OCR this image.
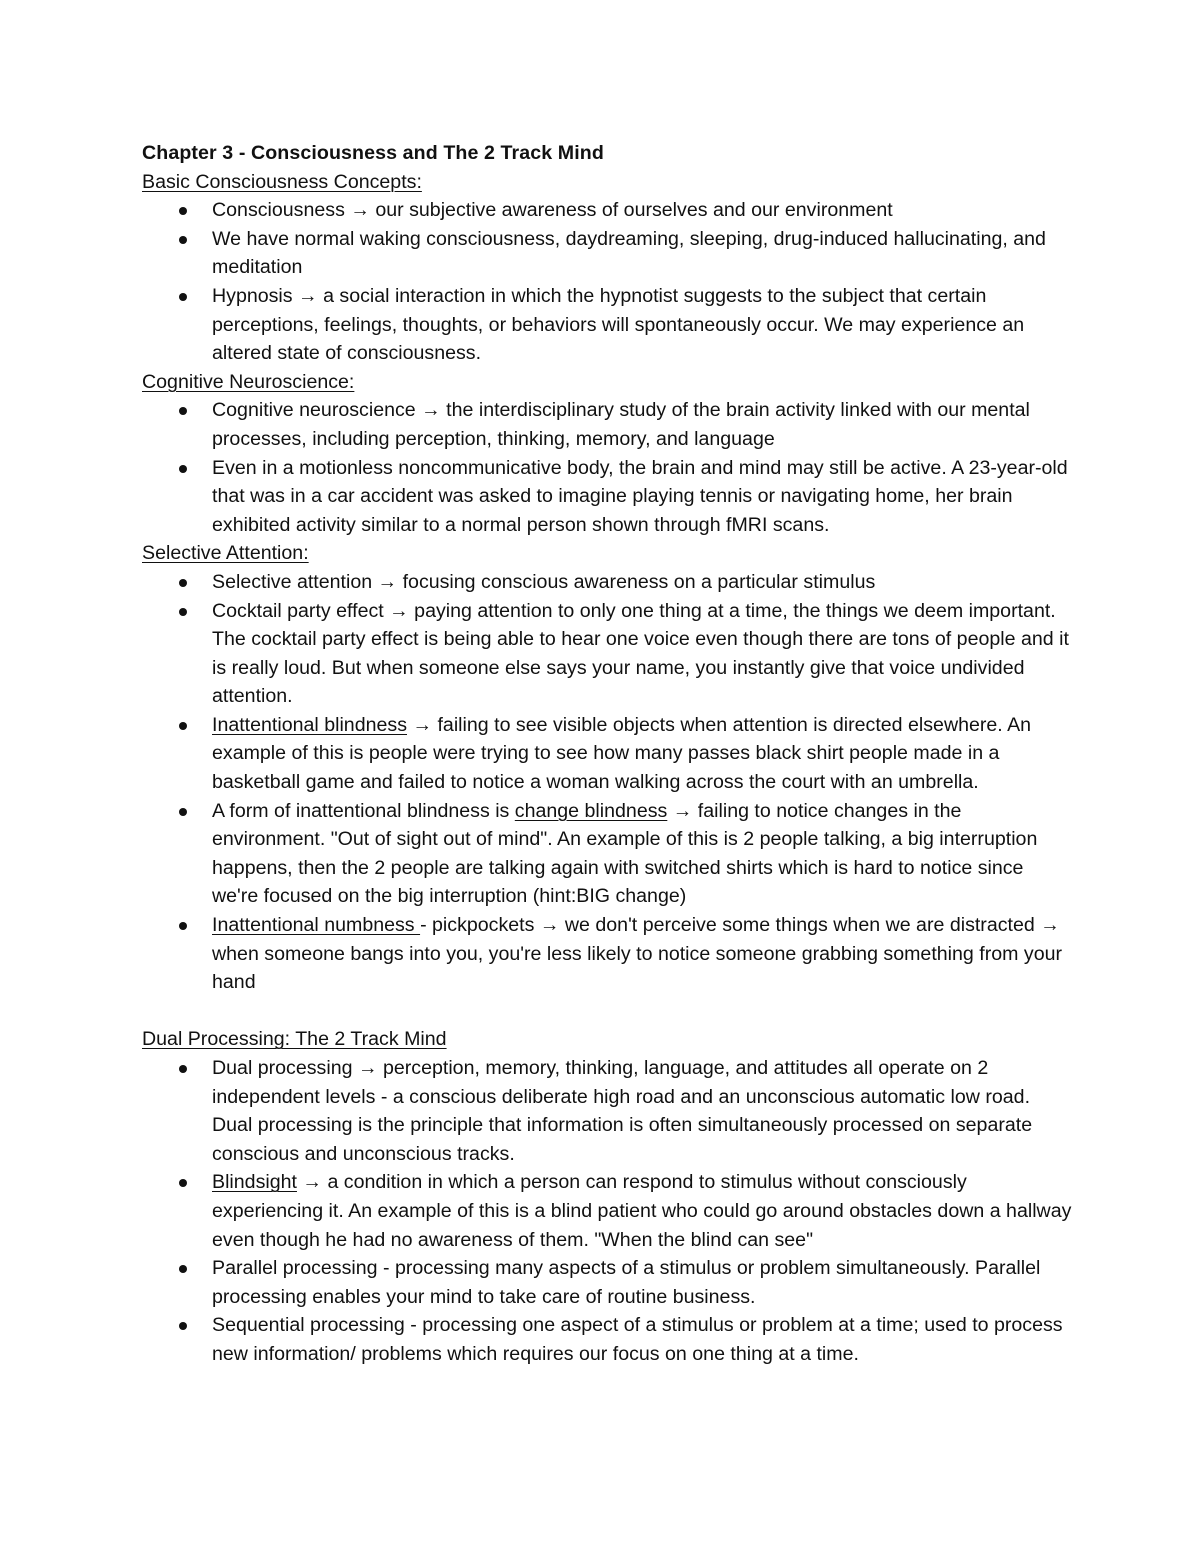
Chapter 3 - Consciousness and The 2 Track Mind

Basic Consciousness Concepts:

Consciousness → our subjective awareness of ourselves and our environment
We have normal waking consciousness, daydreaming, sleeping, drug-induced hallucinating, and meditation
Hypnosis → a social interaction in which the hypnotist suggests to the subject that certain perceptions, feelings, thoughts, or behaviors will spontaneously occur. We may experience an altered state of consciousness.

Cognitive Neuroscience:

Cognitive neuroscience → the interdisciplinary study of the brain activity linked with our mental processes, including perception, thinking, memory, and language
Even in a motionless noncommunicative body, the brain and mind may still be active. A 23-year-old that was in a car accident was asked to imagine playing tennis or navigating home, her brain exhibited activity similar to a normal person shown through fMRI scans.

Selective Attention:

Selective attention → focusing conscious awareness on a particular stimulus
Cocktail party effect → paying attention to only one thing at a time, the things we deem important. The cocktail party effect is being able to hear one voice even though there are tons of people and it is really loud. But when someone else says your name, you instantly give that voice undivided attention.
Inattentional blindness → failing to see visible objects when attention is directed elsewhere. An example of this is people were trying to see how many passes black shirt people made in a basketball game and failed to notice a woman walking across the court with an umbrella.
A form of inattentional blindness is change blindness → failing to notice changes in the environment. "Out of sight out of mind". An example of this is 2 people talking, a big interruption happens, then the 2 people are talking again with switched shirts which is hard to notice since we're focused on the big interruption (hint:BIG change)
Inattentional numbness - pickpockets → we don't perceive some things when we are distracted → when someone bangs into you, you're less likely to notice someone grabbing something from your hand

Dual Processing: The 2 Track Mind

Dual processing → perception, memory, thinking, language, and attitudes all operate on 2 independent levels - a conscious deliberate high road and an unconscious automatic low road. Dual processing is the principle that information is often simultaneously processed on separate conscious and unconscious tracks.
Blindsight → a condition in which a person can respond to stimulus without consciously experiencing it. An example of this is a blind patient who could go around obstacles down a hallway even though he had no awareness of them. "When the blind can see"
Parallel processing - processing many aspects of a stimulus or problem simultaneously. Parallel processing enables your mind to take care of routine business.
Sequential processing - processing one aspect of a stimulus or problem at a time; used to process new information/ problems which requires our focus on one thing at a time.
